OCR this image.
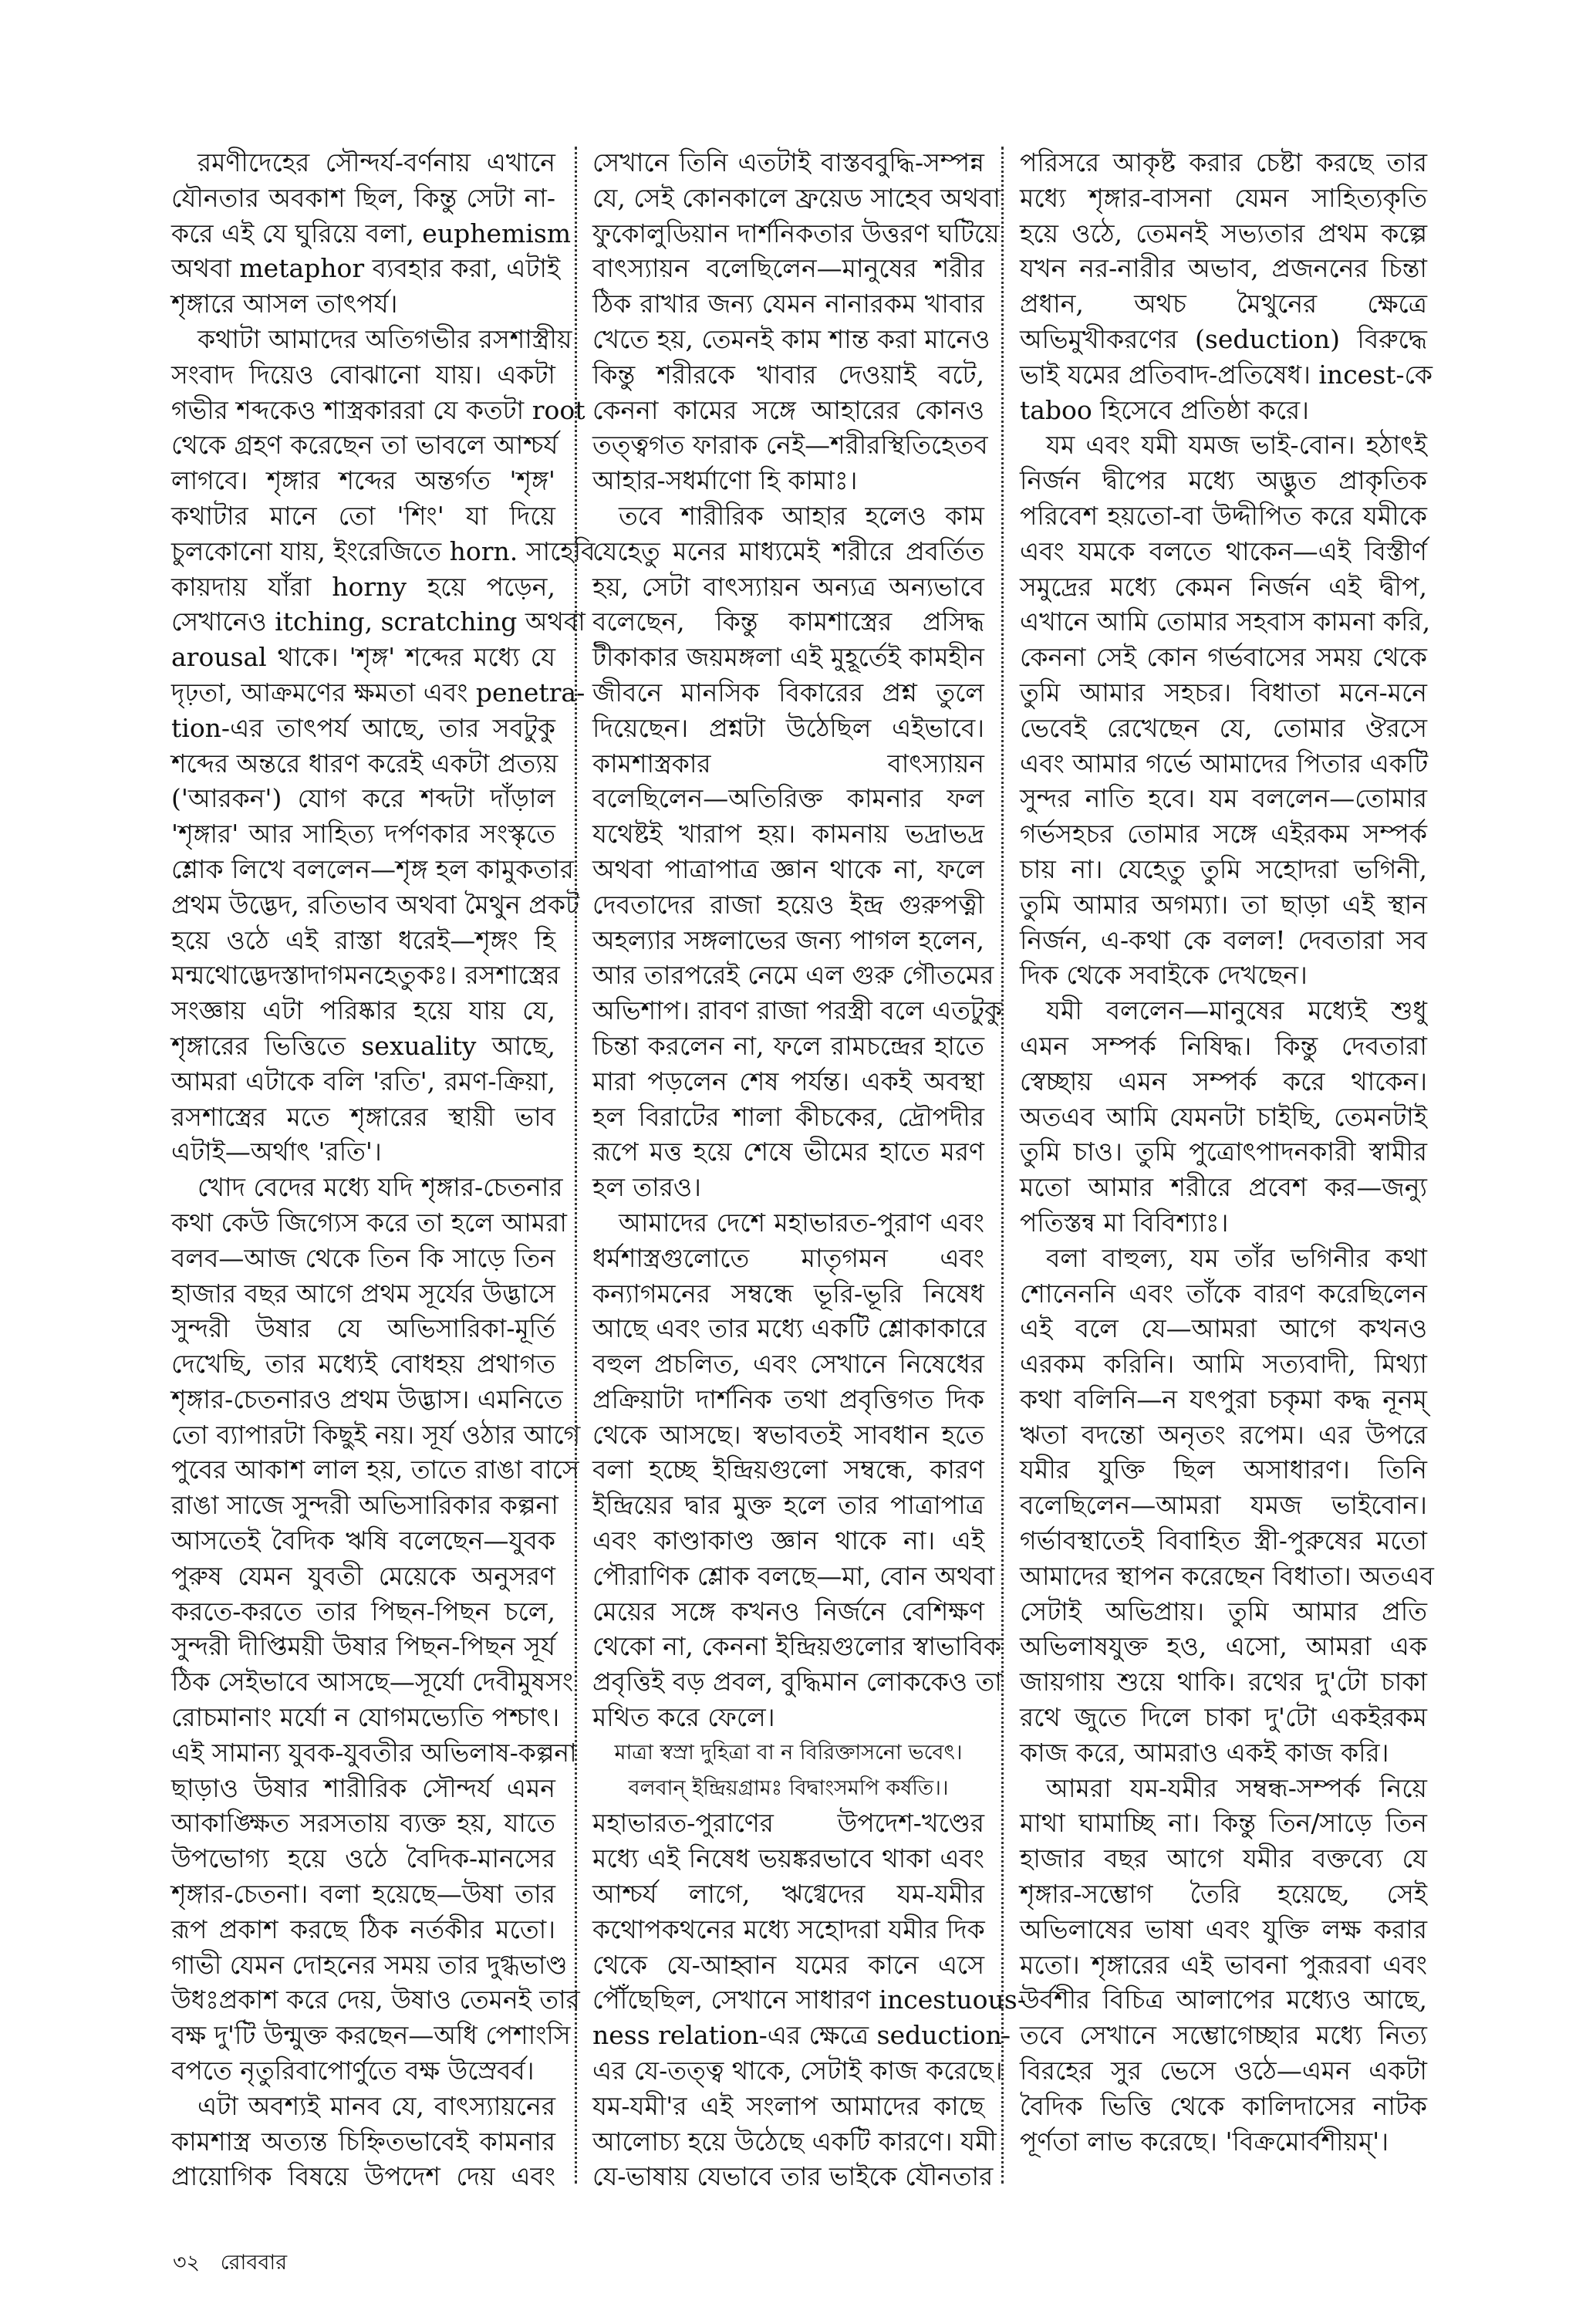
রমণীদেহের সৌন্দর্য-বর্ণনায় এখানে
যৌনতার অবকাশ ছিল, কিন্তু সেটা না-
করে এই যে ঘুরিয়ে বলা, euphemism
অথবা metaphor ব্যবহার করা, এটাই
শৃঙ্গারে আসল তাৎপর্য।
কথাটা আমাদের অতিগভীর রসশাস্ত্রীয়
সংবাদ দিয়েও বোঝানো যায়। একটা
গভীর শব্দকেও শাস্ত্রকাররা যে কতটা root
থেকে গ্রহণ করেছেন তা ভাবলে আশ্চর্য
লাগবে। শৃঙ্গার শব্দের অন্তর্গত 'শৃঙ্গ'
কথাটার মানে তো 'শিং' যা দিয়ে
চুলকোনো যায়, ইংরেজিতে horn. সাহেবি
কায়দায় যাঁরা horny হয়ে পড়েন,
সেখানেও itching, scratching অথবা
arousal থাকে। 'শৃঙ্গ' শব্দের মধ্যে যে
দৃঢ়তা, আক্রমণের ক্ষমতা এবং penetra-
tion-এর তাৎপর্য আছে, তার সবটুকু
শব্দের অন্তরে ধারণ করেই একটা প্রত্যয়
('আরকন') যোগ করে শব্দটা দাঁড়াল
'শৃঙ্গার' আর সাহিত্য দর্পণকার সংস্কৃতে
শ্লোক লিখে বললেন—শৃঙ্গ হল কামুকতার
প্রথম উদ্ভেদ, রতিভাব অথবা মৈথুন প্রকট
হয়ে ওঠে এই রাস্তা ধরেই—শৃঙ্গং হি
মন্মথোদ্ভেদস্তাদাগমনহেতুকঃ। রসশাস্ত্রের
সংজ্ঞায় এটা পরিষ্কার হয়ে যায় যে,
শৃঙ্গারের ভিত্তিতে sexuality আছে,
আমরা এটাকে বলি 'রতি', রমণ-ক্রিয়া,
রসশাস্ত্রের মতে শৃঙ্গারের স্থায়ী ভাব
এটাই—অর্থাৎ 'রতি'।
খোদ বেদের মধ্যে যদি শৃঙ্গার-চেতনার
কথা কেউ জিগ্যেস করে তা হলে আমরা
বলব—আজ থেকে তিন কি সাড়ে তিন
হাজার বছর আগে প্রথম সূর্যের উদ্ভাসে
সুন্দরী উষার যে অভিসারিকা-মূর্তি
দেখেছি, তার মধ্যেই বোধহয় প্রথাগত
শৃঙ্গার-চেতনারও প্রথম উদ্ভাস। এমনিতে
তো ব্যাপারটা কিছুই নয়। সূর্য ওঠার আগে
পুবের আকাশ লাল হয়, তাতে রাঙা বাসে
রাঙা সাজে সুন্দরী অভিসারিকার কল্পনা
আসতেই বৈদিক ঋষি বলেছেন—যুবক
পুরুষ যেমন যুবতী মেয়েকে অনুসরণ
করতে-করতে তার পিছন-পিছন চলে,
সুন্দরী দীপ্তিময়ী উষার পিছন-পিছন সূর্য
ঠিক সেইভাবে আসছে—সূর্যো দেবীমুষসং
রোচমানাং মর্যো ন যোগমভ্যেতি পশ্চাৎ।
এই সামান্য যুবক-যুবতীর অভিলাষ-কল্পনা
ছাড়াও উষার শারীরিক সৌন্দর্য এমন
আকাঙ্ক্ষিত সরসতায় ব্যক্ত হয়, যাতে
উপভোগ্য হয়ে ওঠে বৈদিক-মানসের
শৃঙ্গার-চেতনা। বলা হয়েছে—উষা তার
রূপ প্রকাশ করছে ঠিক নর্তকীর মতো।
গাভী যেমন দোহনের সময় তার দুগ্ধভাণ্ড
উধঃপ্রকাশ করে দেয়, উষাও তেমনই তার
বক্ষ দু'টি উন্মুক্ত করছেন—অধি পেশাংসি
বপতে নৃতুরিবাপোর্ণুতে বক্ষ উস্রেবর্ব।
এটা অবশ্যই মানব যে, বাৎস্যায়নের
কামশাস্ত্র অত্যন্ত চিহ্নিতভাবেই কামনার
প্রায়োগিক বিষয়ে উপদেশ দেয় এবং
সেখানে তিনি এতটাই বাস্তববুদ্ধি-সম্পন্ন
যে, সেই কোনকালে ফ্রয়েড সাহেব অথবা
ফুকোলুডিয়ান দার্শনিকতার উত্তরণ ঘটিয়ে
বাৎস্যায়ন বলেছিলেন—মানুষের শরীর
ঠিক রাখার জন্য যেমন নানারকম খাবার
খেতে হয়, তেমনই কাম শান্ত করা মানেও
কিন্তু শরীরকে খাবার দেওয়াই বটে,
কেননা কামের সঙ্গে আহারের কোনও
তত্ত্বগত ফারাক নেই—শরীরস্থিতিহেতব
আহার-সধর্মাণো হি কামাঃ।
তবে শারীরিক আহার হলেও কাম
যেহেতু মনের মাধ্যমেই শরীরে প্রবর্তিত
হয়, সেটা বাৎস্যায়ন অন্যত্র অন্যভাবে
বলেছেন, কিন্তু কামশাস্ত্রের প্রসিদ্ধ
টীকাকার জয়মঙ্গলা এই মুহূর্তেই কামহীন
জীবনে মানসিক বিকারের প্রশ্ন তুলে
দিয়েছেন। প্রশ্নটা উঠেছিল এইভাবে।
কামশাস্ত্রকার বাৎস্যায়ন
বলেছিলেন—অতিরিক্ত কামনার ফল
যথেষ্টই খারাপ হয়। কামনায় ভদ্রাভদ্র
অথবা পাত্রাপাত্র জ্ঞান থাকে না, ফলে
দেবতাদের রাজা হয়েও ইন্দ্র গুরুপত্নী
অহল্যার সঙ্গলাভের জন্য পাগল হলেন,
আর তারপরেই নেমে এল গুরু গৌতমের
অভিশাপ। রাবণ রাজা পরস্ত্রী বলে এতটুকু
চিন্তা করলেন না, ফলে রামচন্দ্রের হাতে
মারা পড়লেন শেষ পর্যন্ত। একই অবস্থা
হল বিরাটের শালা কীচকের, দ্রৌপদীর
রূপে মত্ত হয়ে শেষে ভীমের হাতে মরণ
হল তারও।
আমাদের দেশে মহাভারত-পুরাণ এবং
ধর্মশাস্ত্রগুলোতে মাতৃগমন এবং
কন্যাগমনের সম্বন্ধে ভূরি-ভূরি নিষেধ
আছে এবং তার মধ্যে একটি শ্লোকাকারে
বহুল প্রচলিত, এবং সেখানে নিষেধের
প্রক্রিয়াটা দার্শনিক তথা প্রবৃত্তিগত দিক
থেকে আসছে। স্বভাবতই সাবধান হতে
বলা হচ্ছে ইন্দ্রিয়গুলো সম্বন্ধে, কারণ
ইন্দ্রিয়ের দ্বার মুক্ত হলে তার পাত্রাপাত্র
এবং কাণ্ডাকাণ্ড জ্ঞান থাকে না। এই
পৌরাণিক শ্লোক বলছে—মা, বোন অথবা
মেয়ের সঙ্গে কখনও নির্জনে বেশিক্ষণ
থেকো না, কেননা ইন্দ্রিয়গুলোর স্বাভাবিক
প্রবৃত্তিই বড় প্রবল, বুদ্ধিমান লোককেও তা
মথিত করে ফেলে।
মাত্রা স্বস্রা দুহিত্রা বা ন বিরিক্তাসনো ভবেৎ।
বলবান্ ইন্দ্রিয়গ্রামঃ বিদ্বাংসমপি কর্ষতি।।
মহাভারত-পুরাণের উপদেশ-খণ্ডের
মধ্যে এই নিষেধ ভয়ঙ্করভাবে থাকা এবং
আশ্চর্য লাগে, ঋগ্বেদের যম-যমীর
কথোপকথনের মধ্যে সহোদরা যমীর দিক
থেকে যে-আহ্বান যমের কানে এসে
পৌঁছেছিল, সেখানে সাধারণ incestuous-
ness relation-এর ক্ষেত্রে seduction-
এর যে-তত্ত্ব থাকে, সেটাই কাজ করেছে।
যম-যমী'র এই সংলাপ আমাদের কাছে
আলোচ্য হয়ে উঠেছে একটি কারণে। যমী
যে-ভাষায় যেভাবে তার ভাইকে যৌনতার
পরিসরে আকৃষ্ট করার চেষ্টা করছে তার
মধ্যে শৃঙ্গার-বাসনা যেমন সাহিত্যকৃতি
হয়ে ওঠে, তেমনই সভ্যতার প্রথম কল্পে
যখন নর-নারীর অভাব, প্রজননের চিন্তা
প্রধান, অথচ মৈথুনের ক্ষেত্রে
অভিমুখীকরণের (seduction) বিরুদ্ধে
ভাই যমের প্রতিবাদ-প্রতিষেধ। incest-কে
taboo হিসেবে প্রতিষ্ঠা করে।
যম এবং যমী যমজ ভাই-বোন। হঠাৎই
নির্জন দ্বীপের মধ্যে অদ্ভুত প্রাকৃতিক
পরিবেশ হয়তো-বা উদ্দীপিত করে যমীকে
এবং যমকে বলতে থাকেন—এই বিস্তীর্ণ
সমুদ্রের মধ্যে কেমন নির্জন এই দ্বীপ,
এখানে আমি তোমার সহবাস কামনা করি,
কেননা সেই কোন গর্ভবাসের সময় থেকে
তুমি আমার সহচর। বিধাতা মনে-মনে
ভেবেই রেখেছেন যে, তোমার ঔরসে
এবং আমার গর্ভে আমাদের পিতার একটি
সুন্দর নাতি হবে। যম বললেন—তোমার
গর্ভসহচর তোমার সঙ্গে এইরকম সম্পর্ক
চায় না। যেহেতু তুমি সহোদরা ভগিনী,
তুমি আমার অগম্যা। তা ছাড়া এই স্থান
নির্জন, এ-কথা কে বলল! দেবতারা সব
দিক থেকে সবাইকে দেখছেন।
যমী বললেন—মানুষের মধ্যেই শুধু
এমন সম্পর্ক নিষিদ্ধ। কিন্তু দেবতারা
স্বেচ্ছায় এমন সম্পর্ক করে থাকেন।
অতএব আমি যেমনটা চাইছি, তেমনটাই
তুমি চাও। তুমি পুত্রোৎপাদনকারী স্বামীর
মতো আমার শরীরে প্রবেশ কর—জন্যু
পতিস্তন্ব মা বিবিশ্যাঃ।
বলা বাহুল্য, যম তাঁর ভগিনীর কথা
শোনেননি এবং তাঁকে বারণ করেছিলেন
এই বলে যে—আমরা আগে কখনও
এরকম করিনি। আমি সত্যবাদী, মিথ্যা
কথা বলিনি—ন যৎপুরা চকৃমা কদ্ধ নূনম্
ঋতা বদন্তো অনৃতং রপেম। এর উপরে
যমীর যুক্তি ছিল অসাধারণ। তিনি
বলেছিলেন—আমরা যমজ ভাইবোন।
গর্ভাবস্থাতেই বিবাহিত স্ত্রী-পুরুষের মতো
আমাদের স্থাপন করেছেন বিধাতা। অতএব
সেটাই অভিপ্রায়। তুমি আমার প্রতি
অভিলাষযুক্ত হও, এসো, আমরা এক
জায়গায় শুয়ে থাকি। রথের দু'টো চাকা
রথে জুতে দিলে চাকা দু'টো একইরকম
কাজ করে, আমরাও একই কাজ করি।
আমরা যম-যমীর সম্বন্ধ-সম্পর্ক নিয়ে
মাথা ঘামাচ্ছি না। কিন্তু তিন/সাড়ে তিন
হাজার বছর আগে যমীর বক্তব্যে যে
শৃঙ্গার-সম্ভোগ তৈরি হয়েছে, সেই
অভিলাষের ভাষা এবং যুক্তি লক্ষ করার
মতো। শৃঙ্গারের এই ভাবনা পুরূরবা এবং
উর্বশীর বিচিত্র আলাপের মধ্যেও আছে,
তবে সেখানে সম্ভোগেচ্ছার মধ্যে নিত্য
বিরহের সুর ভেসে ওঠে—এমন একটা
বৈদিক ভিত্তি থেকে কালিদাসের নাটক
পূর্ণতা লাভ করেছে। 'বিক্রমোর্বশীয়ম্'।
৩২ রোববার
